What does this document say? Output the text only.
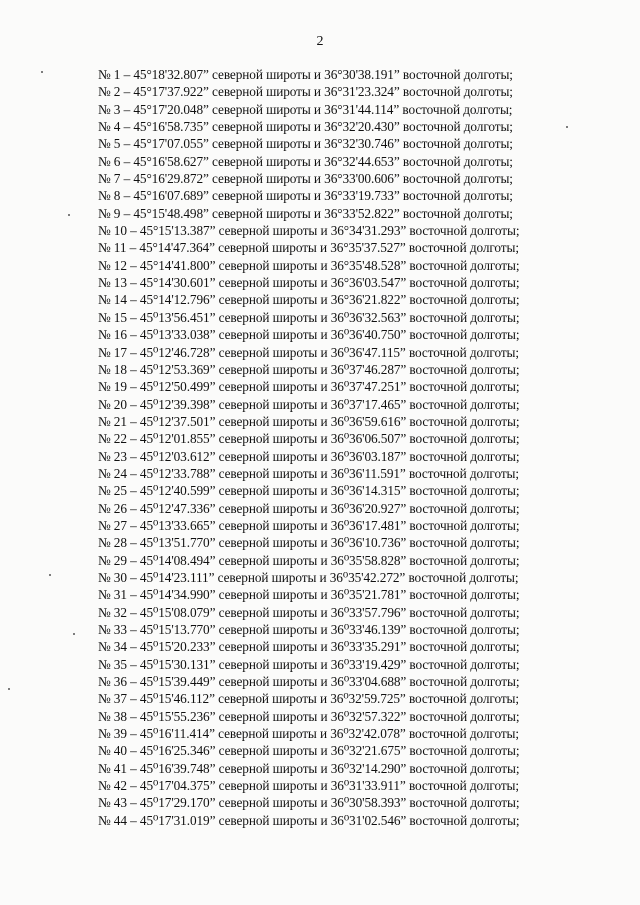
2
№ 1 – 45°18'32.807” северной широты и 36°30'38.191” восточной долготы;
№ 2 – 45°17'37.922” северной широты и 36°31'23.324” восточной долготы;
№ 3 – 45°17'20.048” северной широты и 36°31'44.114” восточной долготы;
№ 4 – 45°16'58.735” северной широты и 36°32'20.430” восточной долготы;
№ 5 – 45°17'07.055” северной широты и 36°32'30.746” восточной долготы;
№ 6 – 45°16'58.627” северной широты и 36°32'44.653” восточной долготы;
№ 7 – 45°16'29.872” северной широты и 36°33'00.606” восточной долготы;
№ 8 – 45°16'07.689” северной широты и 36°33'19.733” восточной долготы;
№ 9 – 45°15'48.498” северной широты и 36°33'52.822” восточной долготы;
№ 10 – 45°15'13.387” северной широты и 36°34'31.293” восточной долготы;
№ 11 – 45°14'47.364” северной широты и 36°35'37.527” восточной долготы;
№ 12 – 45°14'41.800” северной широты и 36°35'48.528” восточной долготы;
№ 13 – 45°14'30.601” северной широты и 36°36'03.547” восточной долготы;
№ 14 – 45°14'12.796” северной широты и 36°36'21.822” восточной долготы;
№ 15 – 45⁰13'56.451” северной широты и 36⁰36'32.563” восточной долготы;
№ 16 – 45⁰13'33.038” северной широты и 36⁰36'40.750” восточной долготы;
№ 17 – 45⁰12'46.728” северной широты и 36⁰36'47.115” восточной долготы;
№ 18 – 45⁰12'53.369” северной широты и 36⁰37'46.287” восточной долготы;
№ 19 – 45⁰12'50.499” северной широты и 36⁰37'47.251” восточной долготы;
№ 20 – 45⁰12'39.398” северной широты и 36⁰37'17.465” восточной долготы;
№ 21 – 45⁰12'37.501” северной широты и 36⁰36'59.616” восточной долготы;
№ 22 – 45⁰12'01.855” северной широты и 36⁰36'06.507” восточной долготы;
№ 23 – 45⁰12'03.612” северной широты и 36⁰36'03.187” восточной долготы;
№ 24 – 45⁰12'33.788” северной широты и 36⁰36'11.591” восточной долготы;
№ 25 – 45⁰12'40.599” северной широты и 36⁰36'14.315” восточной долготы;
№ 26 – 45⁰12'47.336” северной широты и 36⁰36'20.927” восточной долготы;
№ 27 – 45⁰13'33.665” северной широты и 36⁰36'17.481” восточной долготы;
№ 28 – 45⁰13'51.770” северной широты и 36⁰36'10.736” восточной долготы;
№ 29 – 45⁰14'08.494” северной широты и 36⁰35'58.828” восточной долготы;
№ 30 – 45⁰14'23.111” северной широты и 36⁰35'42.272” восточной долготы;
№ 31 – 45⁰14'34.990” северной широты и 36⁰35'21.781” восточной долготы;
№ 32 – 45⁰15'08.079” северной широты и 36⁰33'57.796” восточной долготы;
№ 33 – 45⁰15'13.770” северной широты и 36⁰33'46.139” восточной долготы;
№ 34 – 45⁰15'20.233” северной широты и 36⁰33'35.291” восточной долготы;
№ 35 – 45⁰15'30.131” северной широты и 36⁰33'19.429” восточной долготы;
№ 36 – 45⁰15'39.449” северной широты и 36⁰33'04.688” восточной долготы;
№ 37 – 45⁰15'46.112” северной широты и 36⁰32'59.725” восточной долготы;
№ 38 – 45⁰15'55.236” северной широты и 36⁰32'57.322” восточной долготы;
№ 39 – 45⁰16'11.414” северной широты и 36⁰32'42.078” восточной долготы;
№ 40 – 45⁰16'25.346” северной широты и 36⁰32'21.675” восточной долготы;
№ 41 – 45⁰16'39.748” северной широты и 36⁰32'14.290” восточной долготы;
№ 42 – 45⁰17'04.375” северной широты и 36⁰31'33.911” восточной долготы;
№ 43 – 45⁰17'29.170” северной широты и 36⁰30'58.393” восточной долготы;
№ 44 – 45⁰17'31.019” северной широты и 36⁰31'02.546” восточной долготы;
